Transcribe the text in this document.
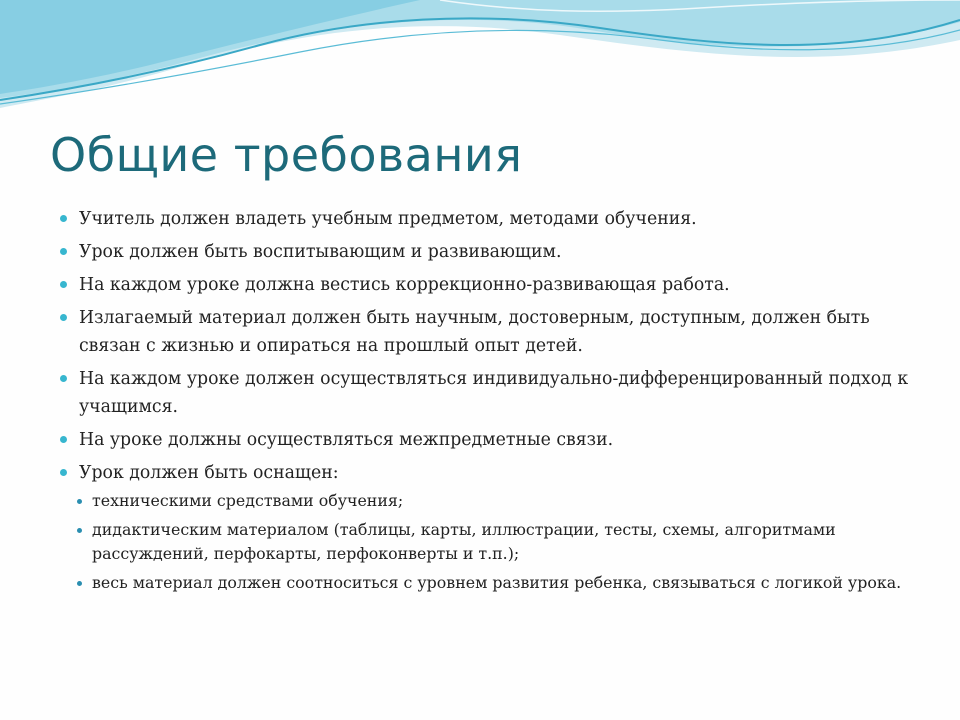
Общие требования
Учитель должен владеть учебным предметом, методами обучения.
Урок должен быть воспитывающим и развивающим.
На каждом уроке должна вестись коррекционно-развивающая работа.
Излагаемый материал должен быть научным, достоверным, доступным, должен быть связан с жизнью и опираться на прошлый опыт детей.
На каждом уроке должен осуществляться индивидуально-дифференцированный подход к учащимся.
На уроке должны осуществляться межпредметные связи.
Урок должен быть оснащен:
техническими средствами обучения;
дидактическим материалом (таблицы, карты, иллюстрации, тесты, схемы, алгоритмами рассуждений, перфокарты, перфоконверты и т.п.);
весь материал должен соотноситься с уровнем развития ребенка, связываться с логикой урока.
